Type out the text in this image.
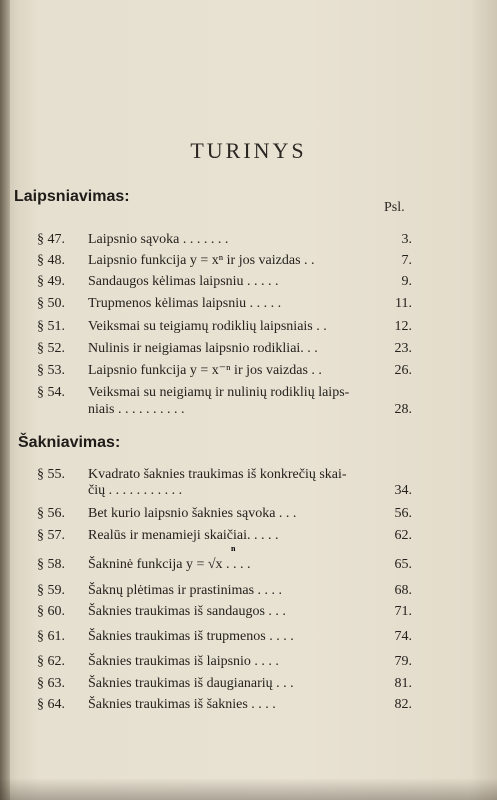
TURINYS
Laipsniavimas:
Psl.
§ 47.	Laipsnio sąvoka . . . . . . .	3.
§ 48.	Laipsnio funkcija y = xⁿ ir jos vaizdas . .	7.
§ 49.	Sandaugos kėlimas laipsniu . . . . .	9.
§ 50.	Trupmenos kėlimas laipsniu . . . . .	11.
§ 51.	Veiksmai su teigiamų rodiklių laipsniais . .	12.
§ 52.	Nulinis ir neigiamas laipsnio rodikliai. . .	23.
§ 53.	Laipsnio funkcija y = x⁻ⁿ ir jos vaizdas . .	26.
§ 54.	Veiksmai su neigiamų ir nulinių rodiklių laips-
niais . . . . . . . . . .	28.
Šakniavimas:
§ 55.	Kvadrato šaknies traukimas iš konkrečių skai-
čių . . . . . . . . . . .	34.
§ 56.	Bet kurio laipsnio šaknies sąvoka . . .	56.
§ 57.	Realūs ir menamieji skaičiai. . . . .	62.
n
§ 58.	Šakninė funkcija y = √x . . . .	65.
§ 59.	Šaknų plėtimas ir prastinimas . . . .	68.
§ 60.	Šaknies traukimas iš sandaugos . . .	71.
§ 61.	Šaknies traukimas iš trupmenos . . . .	74.
§ 62.	Šaknies traukimas iš laipsnio . . . .	79.
§ 63.	Šaknies traukimas iš daugianarių . . .	81.
§ 64.	Šaknies traukimas iš šaknies . . . .	82.
